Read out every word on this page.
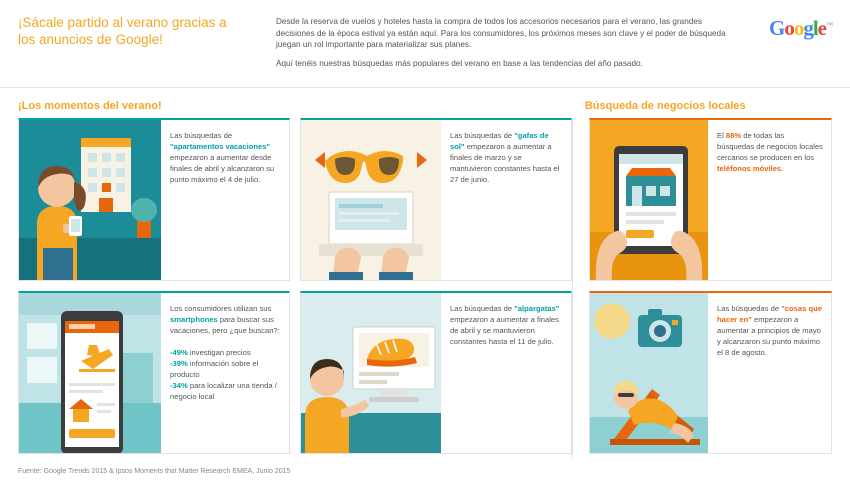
¡Sácale partido al verano gracias a
los anuncios de Google!

Desde la reserva de vuelos y hoteles hasta la compra de todos los accesorios necesarios para el verano, las grandes decisiones de la época estival ya están aquí. Para los consumidores, los próximos meses son clave y el poder de búsqueda juegan un rol importante para materializar sus planes.

Aquí tenéis nuestras búsquedas más populares del verano en base a las tendencias del año pasado.

Google™
¡Los momentos del verano!	Búsqueda de negocios locales
Las búsquedas de "apartamentos vacaciones" empezaron a aumentar desde finales de abril y alcanzaron su punto máximo el 4 de julio.
Las búsquedas de "gafas de sol" empezaron a aumentar a finales de marzo y se mantuvieron constantes hasta el 27 de junio.
Los consumidores utilizan sus smartphones para buscar sus vacaciones, pero ¿que buscan?:

-49% investigan precios
-39% información sobre el producto
-34% para localizar una tienda / negocio local
Las búsquedas de "alpargatas" empezaron a aumentar a finales de abril y se mantuvieron constantes hasta el 11 de julio.
El 88% de todas las búsquedas de negocios locales cercanos se producen en los teléfonos móviles.
Las búsquedas de "cosas que hacer en" empezaron a aumentar a principios de mayo y alcanzaron su punto máximo el 8 de agosto.
Fuente: Google Trends 2015 & Ipsos Moments that Matter Research EMEA, Junio 2015
